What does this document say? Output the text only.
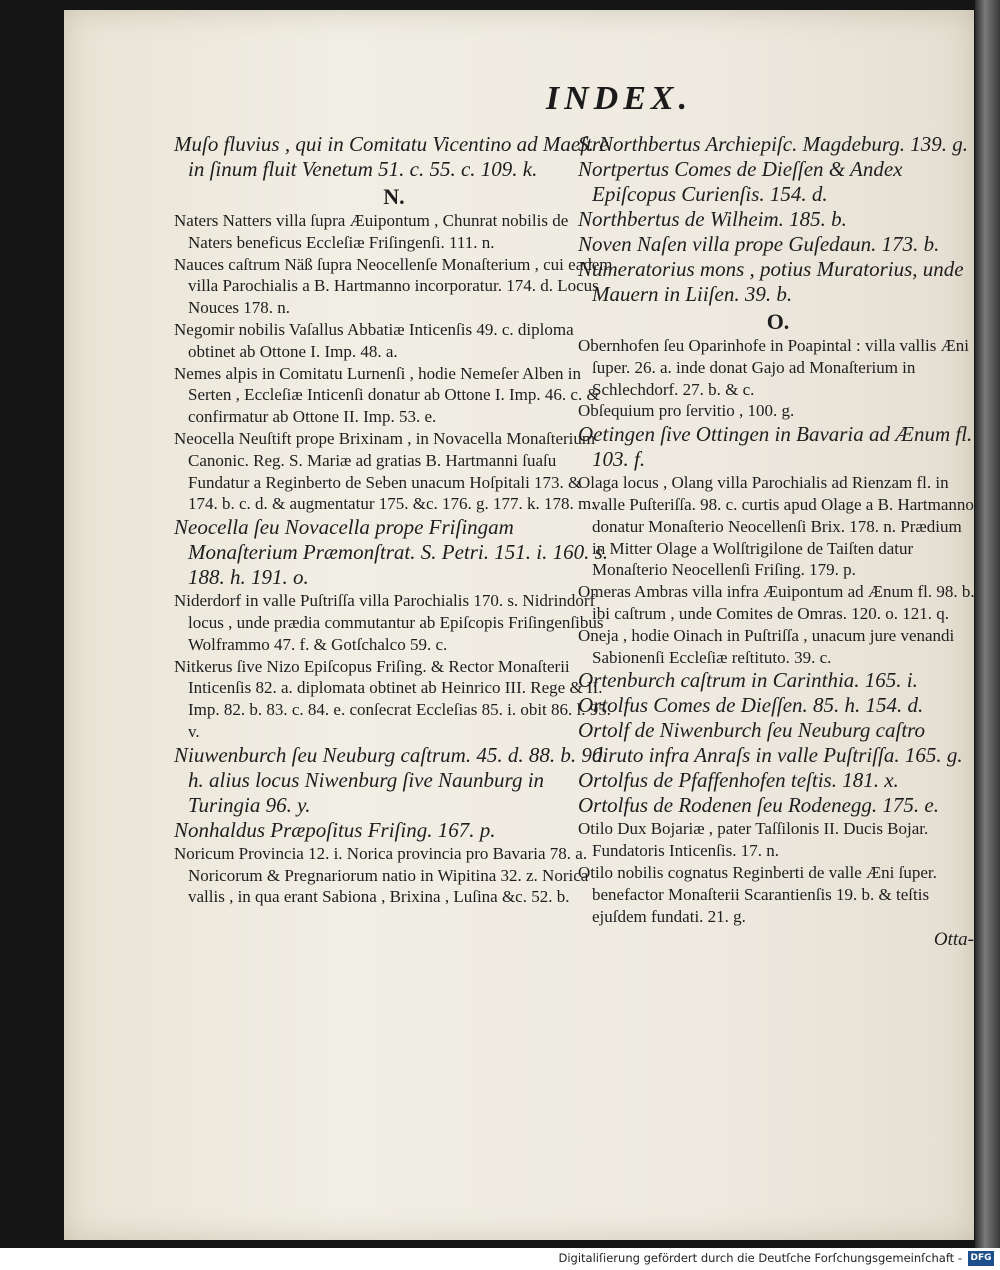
INDEX.

Muſo fluvius , qui in Comitatu Vicentino ad Maeſtre in ſinum fluit Venetum 51. c. 55. c. 109. k.

N.

Naters Natters villa ſupra Æuipontum , Chunrat nobilis de Naters beneficus Eccleſiæ Friſingenſi. 111. n.

Nauces caſtrum Näß ſupra Neocellenſe Monaſterium , cui eadem villa Parochialis a B. Hartmanno incorporatur. 174. d. Locus Nouces 178. n.

Negomir nobilis Vaſallus Abbatiæ Inticenſis 49. c. diploma obtinet ab Ottone I. Imp. 48. a.

Nemes alpis in Comitatu Lurnenſi , hodie Nemeſer Alben in Serten , Eccleſiæ Inticenſi donatur ab Ottone I. Imp. 46. c. & confirmatur ab Ottone II. Imp. 53. e.

Neocella Neuſtift prope Brixinam , in Novacella Monaſterium Canonic. Reg. S. Mariæ ad gratias B. Hartmanni ſuaſu Fundatur a Reginberto de Seben unacum Hoſpitali 173. & 174. b. c. d. & augmentatur 175. &c. 176. g. 177. k. 178. m.

Neocella ſeu Novacella prope Friſingam Monaſterium Præmonſtrat. S. Petri. 151. i. 160. s. 188. h. 191. o.

Niderdorf in valle Puſtriſſa villa Parochialis 170. s. Nidrindorf locus , unde prædia commutantur ab Epiſcopis Friſingenſibus Wolframmo 47. f. & Gotſchalco 59. c.

Nitkerus ſive Nizo Epiſcopus Friſing. & Rector Monaſterii Inticenſis 82. a. diplomata obtinet ab Heinrico III. Rege & II. Imp. 82. b. 83. c. 84. e. conſecrat Eccleſias 85. i. obit 86. l. 95. v.

Niuwenburch ſeu Neuburg caſtrum. 45. d. 88. b. 90. h. alius locus Niwenburg ſive Naunburg in Turingia 96. y.

Nonhaldus Præpoſitus Friſing. 167. p.

Noricum Provincia 12. i. Norica provincia pro Bavaria 78. a. Noricorum & Pregnariorum natio in Wipitina 32. z. Norica vallis , in qua erant Sabiona , Brixina , Luſina &c. 52. b.

S. Northbertus Archiepiſc. Magdeburg. 139. g.

Nortpertus Comes de Dieſſen & Andex Epiſcopus Curienſis. 154. d.

Northbertus de Wilheim. 185. b.

Noven Naſen villa prope Guſedaun. 173. b.

Numeratorius mons , potius Muratorius, unde Mauern in Liiſen. 39. b.

O.

Obernhofen ſeu Oparinhofe in Poapintal : villa vallis Æni ſuper. 26. a. inde donat Gajo ad Monaſterium in Schlechdorf. 27. b. & c.

Obſequium pro ſervitio , 100. g.

Oetingen ſive Ottingen in Bavaria ad Ænum fl. 103. f.

Olaga locus , Olang villa Parochialis ad Rienzam fl. in valle Puſteriſſa. 98. c. curtis apud Olage a B. Hartmanno donatur Monaſterio Neocellenſi Brix. 178. n. Prædium in Mitter Olage a Wolſtrigilone de Taiſten datur Monaſterio Neocellenſi Friſing. 179. p.

Omeras Ambras villa infra Æuipontum ad Ænum fl. 98. b. ibi caſtrum , unde Comites de Omras. 120. o. 121. q.

Oneja , hodie Oinach in Puſtriſſa , unacum jure venandi Sabionenſi Eccleſiæ reſtituto. 39. c.

Ortenburch caſtrum in Carinthia. 165. i.

Ortolfus Comes de Dieſſen. 85. h. 154. d.

Ortolf de Niwenburch ſeu Neuburg caſtro diruto infra Anraſs in valle Puſtriſſa. 165. g.

Ortolfus de Pfaffenhofen teſtis. 181. x.

Ortolfus de Rodenen ſeu Rodenegg. 175. e.

Otilo Dux Bojariæ , pater Taſſilonis II. Ducis Bojar. Fundatoris Inticenſis. 17. n.

Otilo nobilis cognatus Reginberti de valle Æni ſuper. benefactor Monaſterii Scarantienſis 19. b. & teſtis ejuſdem fundati. 21. g.

Otta-
Digitaliſierung gefördert durch die Deutſche Forſchungsgemeinſchaft - DFG
